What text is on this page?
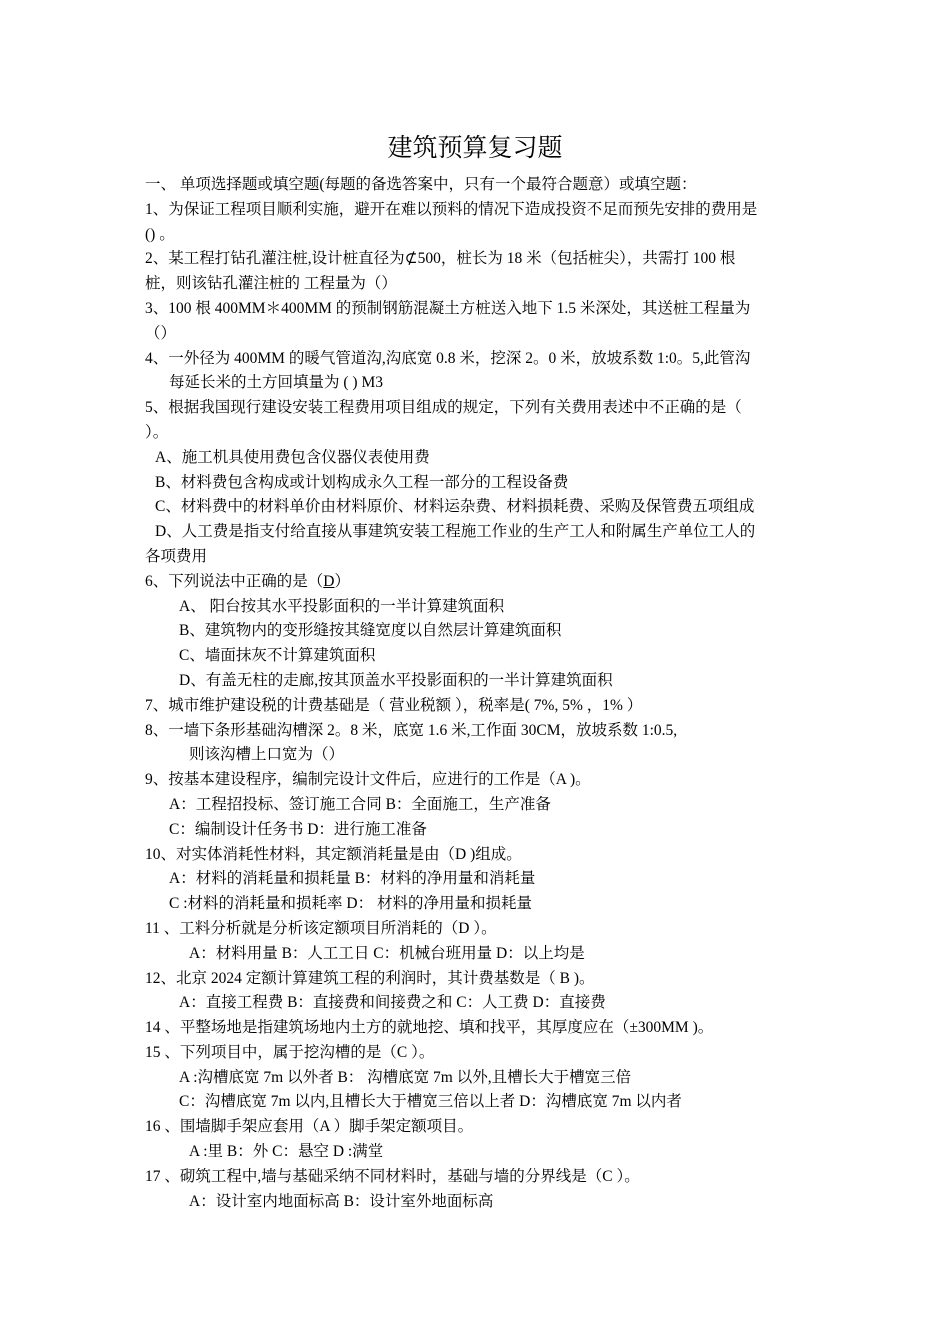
建筑预算复习题
一、 单项选择题或填空题(每题的备选答案中，只有一个最符合题意）或填空题：
1、为保证工程项目顺利实施，避开在难以预料的情况下造成投资不足而预先安排的费用是
() 。
2、某工程打钻孔灌注桩,设计桩直径为⊄500，桩长为 18 米（包括桩尖），共需打 100 根
桩，则该钻孔灌注桩的 工程量为（）
3、100 根 400MM＊400MM 的预制钢筋混凝土方桩送入地下 1.5 米深处，其送桩工程量为
（）
4、一外径为 400MM 的暖气管道沟,沟底宽 0.8 米，挖深 2。0 米，放坡系数 1:0。5,此管沟
每延长米的土方回填量为 ( ) M3
5、根据我国现行建设安装工程费用项目组成的规定，下列有关费用表述中不正确的是（
）。
A、施工机具使用费包含仪器仪表使用费
B、材料费包含构成或计划构成永久工程一部分的工程设备费
C、材料费中的材料单价由材料原价、材料运杂费、材料损耗费、采购及保管费五项组成
D、人工费是指支付给直接从事建筑安装工程施工作业的生产工人和附属生产单位工人的
各项费用
6、下列说法中正确的是（D）
A、 阳台按其水平投影面积的一半计算建筑面积
B、建筑物内的变形缝按其缝宽度以自然层计算建筑面积
C、墙面抹灰不计算建筑面积
D、有盖无柱的走廊,按其顶盖水平投影面积的一半计算建筑面积
7、城市维护建设税的计费基础是（ 营业税额 ），税率是( 7%, 5% ，1% ）
8、一墙下条形基础沟槽深 2。8 米，底宽 1.6 米,工作面 30CM，放坡系数 1:0.5,
则该沟槽上口宽为（）
9、按基本建设程序，编制完设计文件后，应进行的工作是（A )。
A：工程招投标、签订施工合同 B：全面施工，生产准备
C：编制设计任务书 D：进行施工准备
10、对实体消耗性材料，其定额消耗量是由（D )组成。
A：材料的消耗量和损耗量 B：材料的净用量和消耗量
C :材料的消耗量和损耗率 D： 材料的净用量和损耗量
11 、工料分析就是分析该定额项目所消耗的（D ）。
A：材料用量 B：人工工日 C：机械台班用量 D：以上均是
12、北京 2024 定额计算建筑工程的利润时，其计费基数是（ B )。
A：直接工程费 B：直接费和间接费之和 C：人工费 D：直接费
14 、平整场地是指建筑场地内土方的就地挖、填和找平，其厚度应在（±300MM )。
15 、下列项目中，属于挖沟槽的是（C ）。
A :沟槽底宽 7m 以外者 B： 沟槽底宽 7m 以外,且槽长大于槽宽三倍
C：沟槽底宽 7m 以内,且槽长大于槽宽三倍以上者 D：沟槽底宽 7m 以内者
16 、围墙脚手架应套用（A ）脚手架定额项目。
A :里 B：外 C：悬空 D :满堂
17 、砌筑工程中,墙与基础采纳不同材料时，基础与墙的分界线是（C ）。
A：设计室内地面标高 B：设计室外地面标高
